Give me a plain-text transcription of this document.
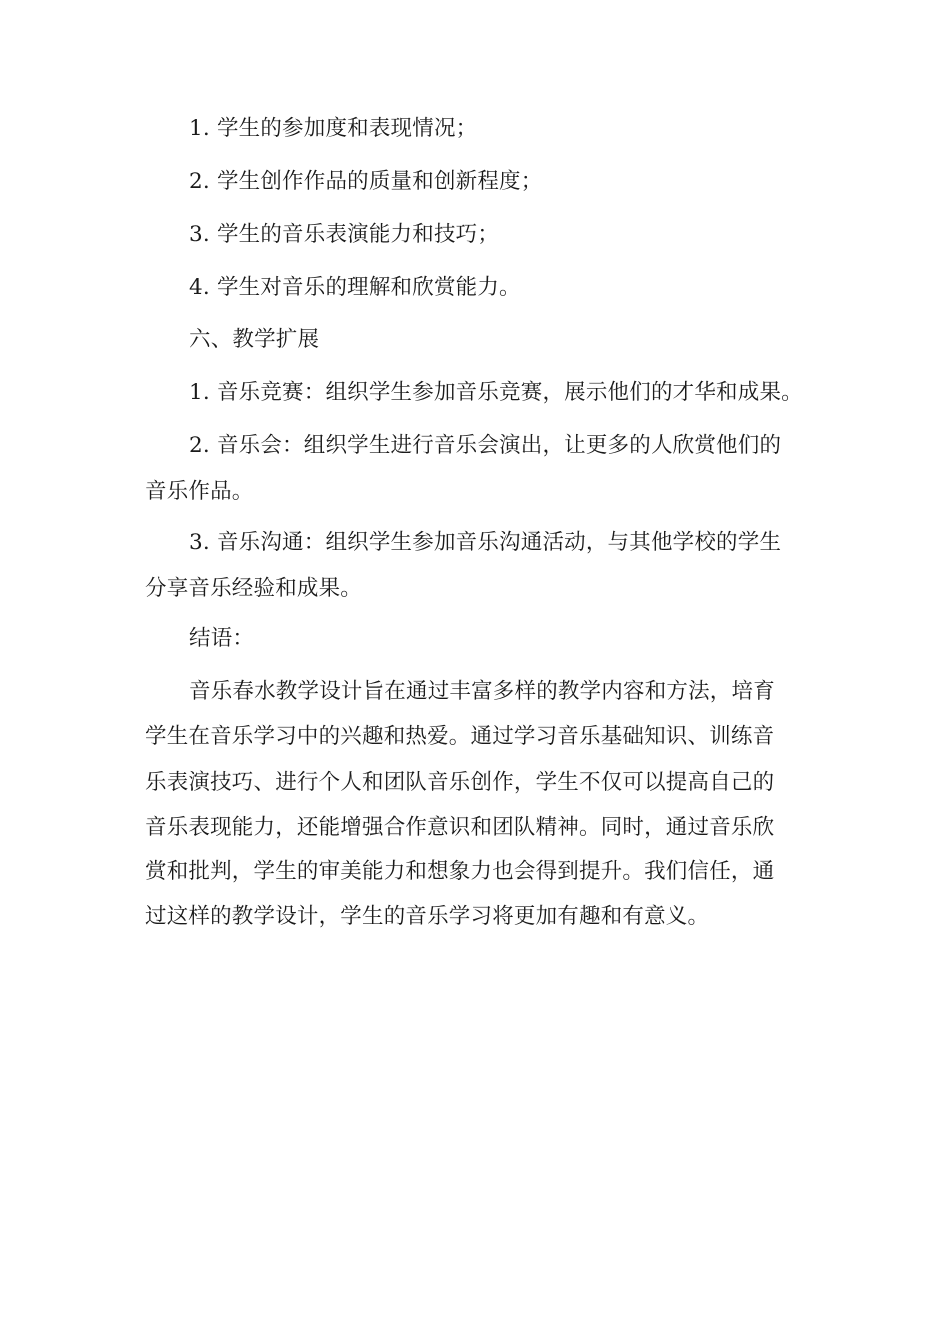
1. 学生的参加度和表现情况；
2. 学生创作作品的质量和创新程度；
3. 学生的音乐表演能力和技巧；
4. 学生对音乐的理解和欣赏能力。
六、教学扩展
1. 音乐竞赛：组织学生参加音乐竞赛，展示他们的才华和成果。
2. 音乐会：组织学生进行音乐会演出，让更多的人欣赏他们的
音乐作品。
3. 音乐沟通：组织学生参加音乐沟通活动，与其他学校的学生
分享音乐经验和成果。
结语：
音乐春水教学设计旨在通过丰富多样的教学内容和方法，培育
学生在音乐学习中的兴趣和热爱。通过学习音乐基础知识、训练音
乐表演技巧、进行个人和团队音乐创作，学生不仅可以提高自己的
音乐表现能力，还能增强合作意识和团队精神。同时，通过音乐欣
赏和批判，学生的审美能力和想象力也会得到提升。我们信任，通
过这样的教学设计，学生的音乐学习将更加有趣和有意义。
